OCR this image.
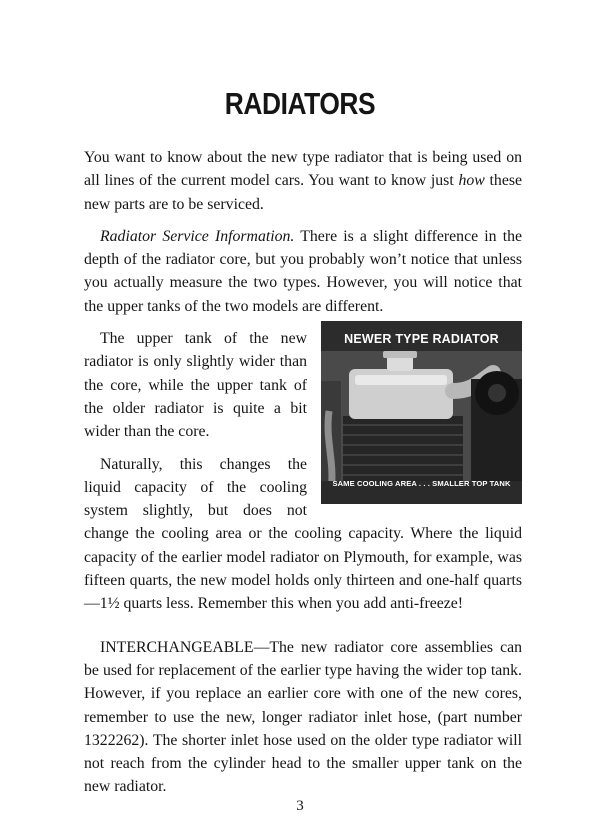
RADIATORS

You want to know about the new type radiator that is being used on all lines of the current model cars. You want to know just how these new parts are to be serviced.

Radiator Service Information. There is a slight difference in the depth of the radiator core, but you probably won’t notice that unless you actually measure the two types. However, you will notice that the upper tanks of the two models are different.

NEWER TYPE RADIATOR
SAME COOLING AREA . . . SMALLER TOP TANK

The upper tank of the new radiator is only slightly wider than the core, while the upper tank of the older radiator is quite a bit wider than the core.

Naturally, this changes the liquid capacity of the cooling system slightly, but does not change the cooling area or the cooling capacity. Where the liquid capacity of the earlier model radiator on Plymouth, for example, was fifteen quarts, the new model holds only thirteen and one-half quarts—1½ quarts less. Remember this when you add anti-freeze!

INTERCHANGEABLE—The new radiator core assemblies can be used for replacement of the earlier type having the wider top tank. However, if you replace an earlier core with one of the new cores, remember to use the new, longer radiator inlet hose, (part number 1322262). The shorter inlet hose used on the older type radiator will not reach from the cylinder head to the smaller upper tank on the new radiator.

3
